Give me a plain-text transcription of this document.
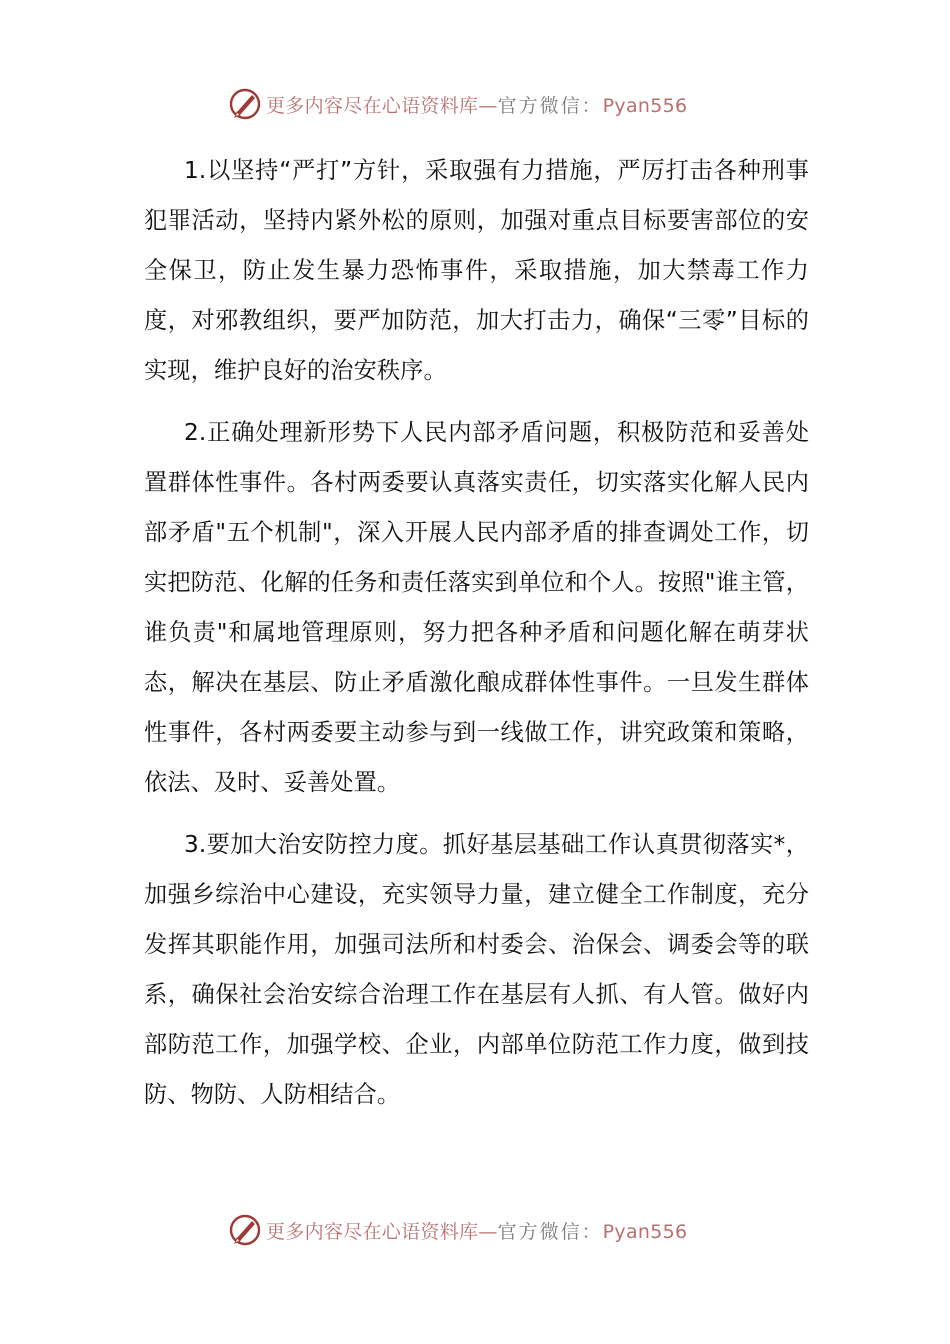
更多内容尽在心语资料库—官方微信：Pyan556

1.以坚持“严打”方针，采取强有力措施，严厉打击各种刑事犯罪活动，坚持内紧外松的原则，加强对重点目标要害部位的安全保卫，防止发生暴力恐怖事件，采取措施，加大禁毒工作力度，对邪教组织，要严加防范，加大打击力，确保“三零”目标的实现，维护良好的治安秩序。

2.正确处理新形势下人民内部矛盾问题，积极防范和妥善处置群体性事件。各村两委要认真落实责任，切实落实化解人民内部矛盾"五个机制"，深入开展人民内部矛盾的排查调处工作，切实把防范、化解的任务和责任落实到单位和个人。按照"谁主管，谁负责"和属地管理原则，努力把各种矛盾和问题化解在萌芽状态，解决在基层、防止矛盾激化酿成群体性事件。一旦发生群体性事件，各村两委要主动参与到一线做工作，讲究政策和策略，依法、及时、妥善处置。

3.要加大治安防控力度。抓好基层基础工作认真贯彻落实*，加强乡综治中心建设，充实领导力量，建立健全工作制度，充分发挥其职能作用，加强司法所和村委会、治保会、调委会等的联系，确保社会治安综合治理工作在基层有人抓、有人管。做好内部防范工作，加强学校、企业，内部单位防范工作力度，做到技防、物防、人防相结合。

更多内容尽在心语资料库—官方微信：Pyan556
